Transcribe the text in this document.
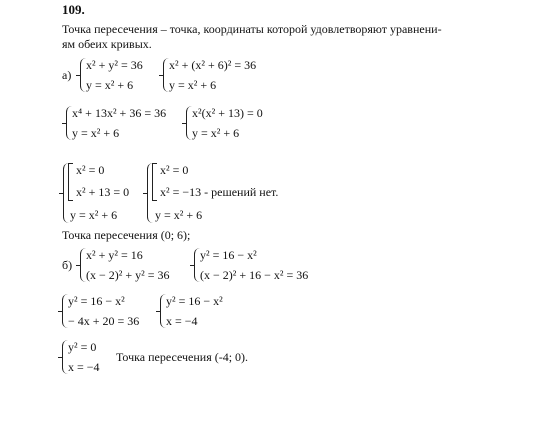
109.
Точка пересечения – точка, координаты которой удовлетворяют уравнени-
ям обеих кривых.
а)
x² + y² = 36
y = x² + 6
x² + (x² + 6)² = 36
y = x² + 6
x⁴ + 13x² + 36 = 36
y = x² + 6
x²(x² + 13) = 0
y = x² + 6
x² = 0
x² + 13 = 0
y = x² + 6
x² = 0
x² = −13 - решений нет.
y = x² + 6
Точка пересечения (0; 6);
б)
x² + y² = 16
(x − 2)² + y² = 36
y² = 16 − x²
(x − 2)² + 16 − x² = 36
y² = 16 − x²
− 4x + 20 = 36
y² = 16 − x²
x = −4
y² = 0
x = −4
Точка пересечения (-4; 0).
